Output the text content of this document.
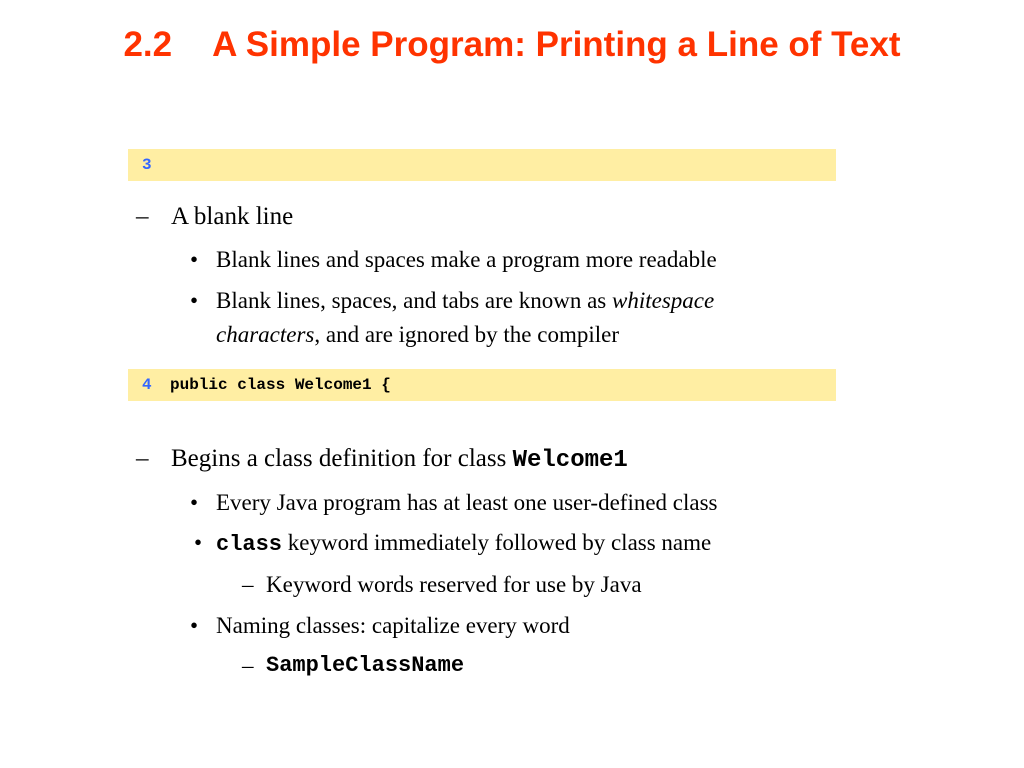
2.2 A Simple Program: Printing a Line of Text
3
– A blank line
• Blank lines and spaces make a program more readable
• Blank lines, spaces, and tabs are known as whitespace
characters, and are ignored by the compiler
4 public class Welcome1 {
– Begins a class definition for class Welcome1
• Every Java program has at least one user-defined class
• class keyword immediately followed by class name
– Keyword words reserved for use by Java
• Naming classes: capitalize every word
– SampleClassName
